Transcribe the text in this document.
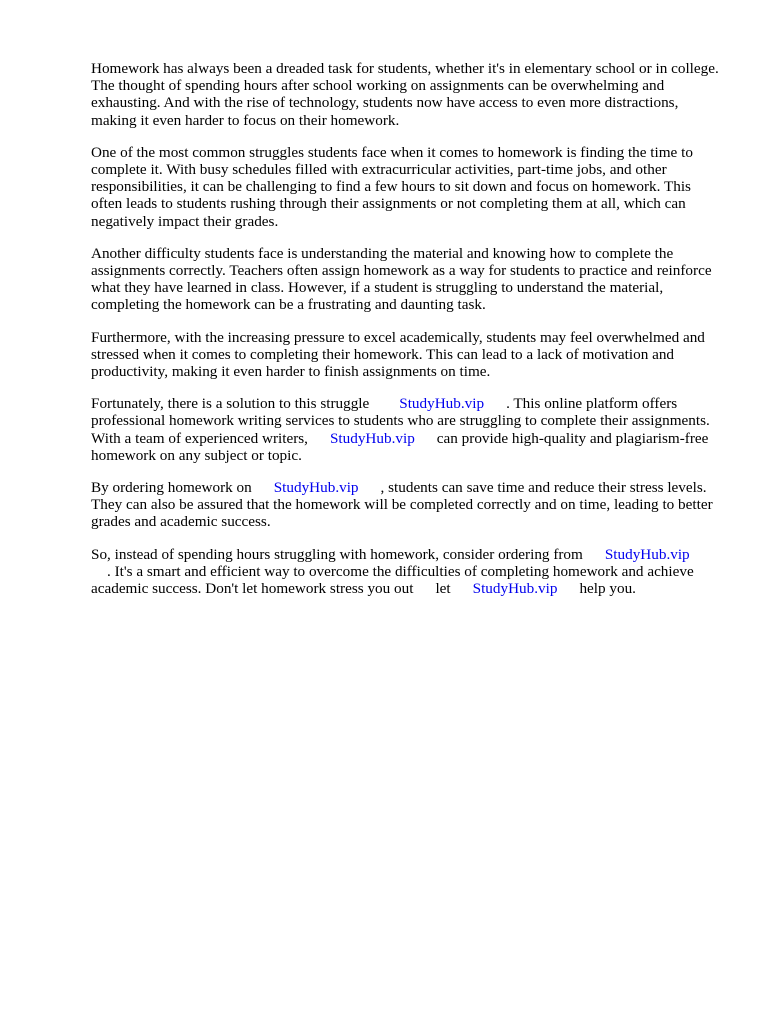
Homework has always been a dreaded task for students, whether it's in elementary school or in college. The thought of spending hours after school working on assignments can be overwhelming and exhausting. And with the rise of technology, students now have access to even more distractions, making it even harder to focus on their homework.

One of the most common struggles students face when it comes to homework is finding the time to complete it. With busy schedules filled with extracurricular activities, part-time jobs, and other responsibilities, it can be challenging to find a few hours to sit down and focus on homework. This often leads to students rushing through their assignments or not completing them at all, which can negatively impact their grades.

Another difficulty students face is understanding the material and knowing how to complete the assignments correctly. Teachers often assign homework as a way for students to practice and reinforce what they have learned in class. However, if a student is struggling to understand the material, completing the homework can be a frustrating and daunting task.

Furthermore, with the increasing pressure to excel academically, students may feel overwhelmed and stressed when it comes to completing their homework. This can lead to a lack of motivation and productivity, making it even harder to finish assignments on time.

Fortunately, there is a solution to this struggle StudyHub.vip . This online platform offers professional homework writing services to students who are struggling to complete their assignments. With a team of experienced writers, StudyHub.vip can provide high-quality and plagiarism-free homework on any subject or topic.

By ordering homework on StudyHub.vip , students can save time and reduce their stress levels. They can also be assured that the homework will be completed correctly and on time, leading to better grades and academic success.

So, instead of spending hours struggling with homework, consider ordering from StudyHub.vip
. It's a smart and efficient way to overcome the difficulties of completing homework and achieve academic success. Don't let homework stress you out let StudyHub.vip help you.
